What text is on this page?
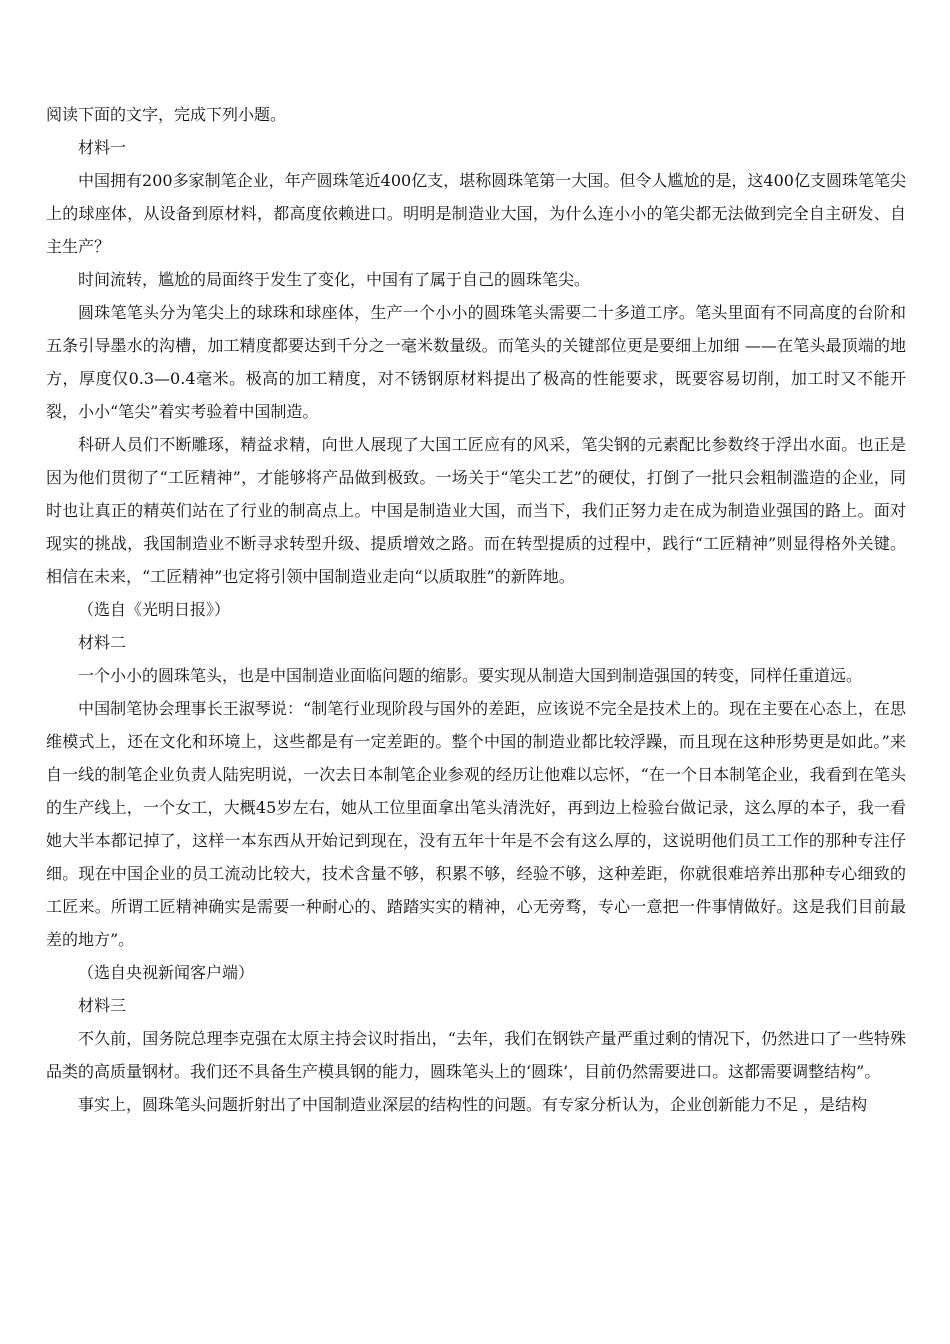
阅读下面的文字，完成下列小题。

材料一

中国拥有200多家制笔企业，年产圆珠笔近400亿支，堪称圆珠笔第一大国。但令人尴尬的是，这400亿支圆珠笔笔尖上的球座体，从设备到原材料，都高度依赖进口。明明是制造业大国，为什么连小小的笔尖都无法做到完全自主研发、自主生产？

时间流转，尴尬的局面终于发生了变化，中国有了属于自己的圆珠笔尖。

圆珠笔笔头分为笔尖上的球珠和球座体，生产一个小小的圆珠笔头需要二十多道工序。笔头里面有不同高度的台阶和五条引导墨水的沟槽，加工精度都要达到千分之一毫米数量级。而笔头的关键部位更是要细上加细 ——在笔头最顶端的地方，厚度仅0.3—0.4毫米。极高的加工精度，对不锈钢原材料提出了极高的性能要求，既要容易切削，加工时又不能开裂，小小“笔尖”着实考验着中国制造。

科研人员们不断雕琢，精益求精，向世人展现了大国工匠应有的风采，笔尖钢的元素配比参数终于浮出水面。也正是因为他们贯彻了“工匠精神”，才能够将产品做到极致。一场关于“笔尖工艺”的硬仗，打倒了一批只会粗制滥造的企业，同时也让真正的精英们站在了行业的制高点上。中国是制造业大国，而当下，我们正努力走在成为制造业强国的路上。面对现实的挑战，我国制造业不断寻求转型升级、提质增效之路。而在转型提质的过程中，践行“工匠精神”则显得格外关键。相信在未来，“工匠精神”也定将引领中国制造业走向“以质取胜”的新阵地。

（选自《光明日报》）

材料二

一个小小的圆珠笔头，也是中国制造业面临问题的缩影。要实现从制造大国到制造强国的转变，同样任重道远。

中国制笔协会理事长王淑琴说：“制笔行业现阶段与国外的差距，应该说不完全是技术上的。现在主要在心态上，在思维模式上，还在文化和环境上，这些都是有一定差距的。整个中国的制造业都比较浮躁，而且现在这种形势更是如此。”来自一线的制笔企业负责人陆宪明说，一次去日本制笔企业参观的经历让他难以忘怀，“在一个日本制笔企业，我看到在笔头的生产线上，一个女工，大概45岁左右，她从工位里面拿出笔头清洗好，再到边上检验台做记录，这么厚的本子，我一看她大半本都记掉了，这样一本东西从开始记到现在，没有五年十年是不会有这么厚的，这说明他们员工工作的那种专注仔细。现在中国企业的员工流动比较大，技术含量不够，积累不够，经验不够，这种差距，你就很难培养出那种专心细致的工匠来。所谓工匠精神确实是需要一种耐心的、踏踏实实的精神，心无旁骛，专心一意把一件事情做好。这是我们目前最差的地方”。

（选自央视新闻客户端）

材料三

不久前，国务院总理李克强在太原主持会议时指出，“去年，我们在钢铁产量严重过剩的情况下，仍然进口了一些特殊品类的高质量钢材。我们还不具备生产模具钢的能力，圆珠笔头上的‘圆珠’，目前仍然需要进口。这都需要调整结构”。

事实上，圆珠笔头问题折射出了中国制造业深层的结构性的问题。有专家分析认为，企业创新能力不足 ，是结构
